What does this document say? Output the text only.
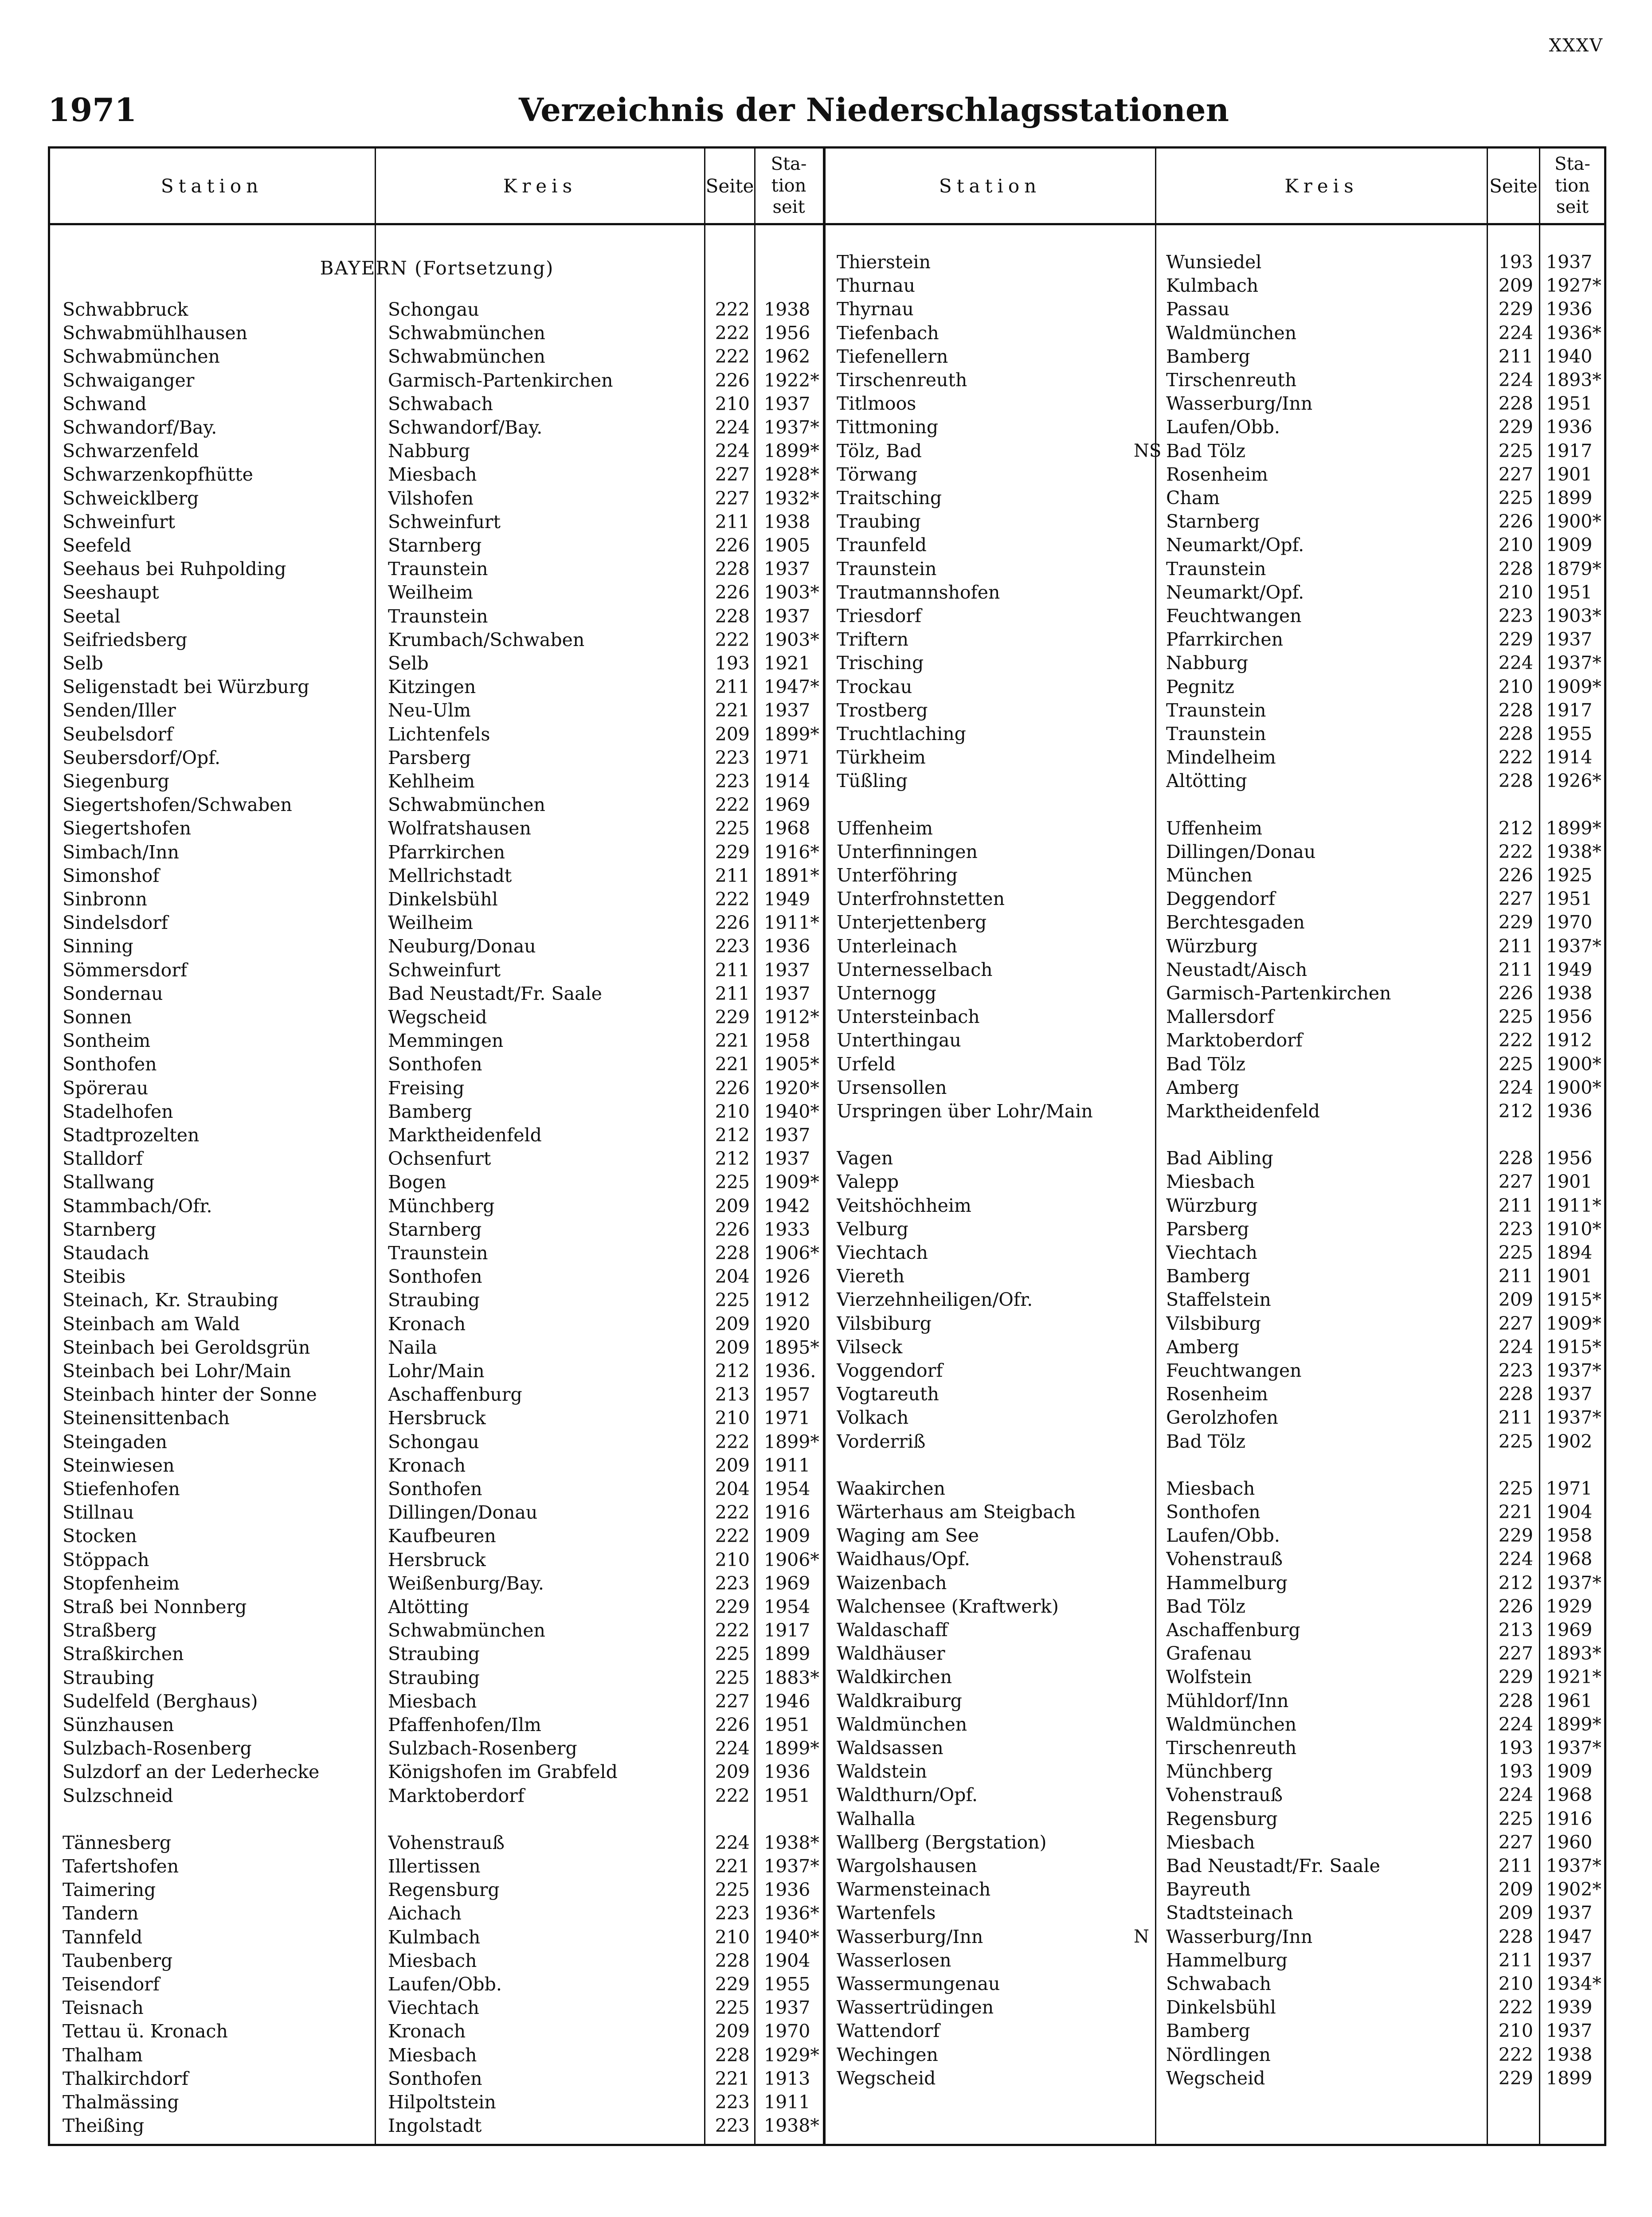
XXXV
1971	Verzeichnis der Niederschlagsstationen
Station	Kreis	Seite
Sta-
tion
seit
Station	Kreis	Seite
Sta-
tion
seit
BAYERN (Fortsetzung)
Schwabbruck	Schongau	222 1938
Schwabmühlhausen	Schwabmünchen	222 1956
Schwabmünchen	Schwabmünchen	222 1962
Schwaiganger	Garmisch-Partenkirchen	226 1922*
Schwand	Schwabach	210 1937
Schwandorf/Bay.	Schwandorf/Bay.	224 1937*
Schwarzenfeld	Nabburg	224 1899*
Schwarzenkopfhütte	Miesbach	227 1928*
Schweicklberg	Vilshofen	227 1932*
Schweinfurt	Schweinfurt	211 1938
Seefeld	Starnberg	226 1905
Seehaus bei Ruhpolding	Traunstein	228 1937
Seeshaupt	Weilheim	226 1903*
Seetal	Traunstein	228 1937
Seifriedsberg	Krumbach/Schwaben	222 1903*
Selb	Selb	193 1921
Seligenstadt bei Würzburg	Kitzingen	211 1947*
Senden/Iller	Neu-Ulm	221 1937
Seubelsdorf	Lichtenfels	209 1899*
Seubersdorf/Opf.	Parsberg	223 1971
Siegenburg	Kehlheim	223 1914
Siegertshofen/Schwaben	Schwabmünchen	222 1969
Siegertshofen	Wolfratshausen	225 1968
Simbach/Inn	Pfarrkirchen	229 1916*
Simonshof	Mellrichstadt	211 1891*
Sinbronn	Dinkelsbühl	222 1949
Sindelsdorf	Weilheim	226 1911*
Sinning	Neuburg/Donau	223 1936
Sömmersdorf	Schweinfurt	211 1937
Sondernau	Bad Neustadt/Fr. Saale	211 1937
Sonnen	Wegscheid	229 1912*
Sontheim	Memmingen	221 1958
Sonthofen	Sonthofen	221 1905*
Spörerau	Freising	226 1920*
Stadelhofen	Bamberg	210 1940*
Stadtprozelten	Marktheidenfeld	212 1937
Stalldorf	Ochsenfurt	212 1937
Stallwang	Bogen	225 1909*
Stammbach/Ofr.	Münchberg	209 1942
Starnberg	Starnberg	226 1933
Staudach	Traunstein	228 1906*
Steibis	Sonthofen	204 1926
Steinach, Kr. Straubing	Straubing	225 1912
Steinbach am Wald	Kronach	209 1920
Steinbach bei Geroldsgrün	Naila	209 1895*
Steinbach bei Lohr/Main	Lohr/Main	212 1936.
Steinbach hinter der Sonne	Aschaffenburg	213 1957
Steinensittenbach	Hersbruck	210 1971
Steingaden	Schongau	222 1899*
Steinwiesen	Kronach	209 1911
Stiefenhofen	Sonthofen	204 1954
Stillnau	Dillingen/Donau	222 1916
Stocken	Kaufbeuren	222 1909
Stöppach	Hersbruck	210 1906*
Stopfenheim	Weißenburg/Bay.	223 1969
Straß bei Nonnberg	Altötting	229 1954
Straßberg	Schwabmünchen	222 1917
Straßkirchen	Straubing	225 1899
Straubing	Straubing	225 1883*
Sudelfeld (Berghaus)	Miesbach	227 1946
Sünzhausen	Pfaffenhofen/Ilm	226 1951
Sulzbach-Rosenberg	Sulzbach-Rosenberg	224 1899*
Sulzdorf an der Lederhecke	Königshofen im Grabfeld	209 1936
Sulzschneid	Marktoberdorf	222 1951
Tännesberg	Vohenstrauß	224 1938*
Tafertshofen	Illertissen	221 1937*
Taimering	Regensburg	225 1936
Tandern	Aichach	223 1936*
Tannfeld	Kulmbach	210 1940*
Taubenberg	Miesbach	228 1904
Teisendorf	Laufen/Obb.	229 1955
Teisnach	Viechtach	225 1937
Tettau ü. Kronach	Kronach	209 1970
Thalham	Miesbach	228 1929*
Thalkirchdorf	Sonthofen	221 1913
Thalmässing	Hilpoltstein	223 1911
Theißing	Ingolstadt	223 1938*
Thierstein	Wunsiedel	193 1937
Thurnau	Kulmbach	209 1927*
Thyrnau	Passau	229 1936
Tiefenbach	Waldmünchen	224 1936*
Tiefenellern	Bamberg	211 1940
Tirschenreuth	Tirschenreuth	224 1893*
Titlmoos	Wasserburg/Inn	228 1951
Tittmoning	Laufen/Obb.	229 1936
Tölz, Bad	Bad Tölz	225 1917
NS
Törwang	Rosenheim	227 1901
Traitsching	Cham	225 1899
Traubing	Starnberg	226 1900*
Traunfeld	Neumarkt/Opf.	210 1909
Traunstein	Traunstein	228 1879*
Trautmannshofen	Neumarkt/Opf.	210 1951
Triesdorf	Feuchtwangen	223 1903*
Triftern	Pfarrkirchen	229 1937
Trisching	Nabburg	224 1937*
Trockau	Pegnitz	210 1909*
Trostberg	Traunstein	228 1917
Truchtlaching	Traunstein	228 1955
Türkheim	Mindelheim	222 1914
Tüßling	Altötting	228 1926*
Uffenheim	Uffenheim	212 1899*
Unterfinningen	Dillingen/Donau	222 1938*
Unterföhring	München	226 1925
Unterfrohnstetten	Deggendorf	227 1951
Unterjettenberg	Berchtesgaden	229 1970
Unterleinach	Würzburg	211 1937*
Unternesselbach	Neustadt/Aisch	211 1949
Unternogg	Garmisch-Partenkirchen	226 1938
Untersteinbach	Mallersdorf	225 1956
Unterthingau	Marktoberdorf	222 1912
Urfeld	Bad Tölz	225 1900*
Ursensollen	Amberg	224 1900*
Urspringen über Lohr/Main	Marktheidenfeld	212 1936
Vagen	Bad Aibling	228 1956
Valepp	Miesbach	227 1901
Veitshöchheim	Würzburg	211 1911*
Velburg	Parsberg	223 1910*
Viechtach	Viechtach	225 1894
Viereth	Bamberg	211 1901
Vierzehnheiligen/Ofr.	Staffelstein	209 1915*
Vilsbiburg	Vilsbiburg	227 1909*
Vilseck	Amberg	224 1915*
Voggendorf	Feuchtwangen	223 1937*
Vogtareuth	Rosenheim	228 1937
Volkach	Gerolzhofen	211 1937*
Vorderriß	Bad Tölz	225 1902
Waakirchen	Miesbach	225 1971
Wärterhaus am Steigbach	Sonthofen	221 1904
Waging am See	Laufen/Obb.	229 1958
Waidhaus/Opf.	Vohenstrauß	224 1968
Waizenbach	Hammelburg	212 1937*
Walchensee (Kraftwerk)	Bad Tölz	226 1929
Waldaschaff	Aschaffenburg	213 1969
Waldhäuser	Grafenau	227 1893*
Waldkirchen	Wolfstein	229 1921*
Waldkraiburg	Mühldorf/Inn	228 1961
Waldmünchen	Waldmünchen	224 1899*
Waldsassen	Tirschenreuth	193 1937*
Waldstein	Münchberg	193 1909
Waldthurn/Opf.	Vohenstrauß	224 1968
Walhalla	Regensburg	225 1916
Wallberg (Bergstation)	Miesbach	227 1960
Wargolshausen	Bad Neustadt/Fr. Saale	211 1937*
Warmensteinach	Bayreuth	209 1902*
Wartenfels	Stadtsteinach	209 1937
Wasserburg/Inn	Wasserburg/Inn	228 1947
N
Wasserlosen	Hammelburg	211 1937
Wassermungenau	Schwabach	210 1934*
Wassertrüdingen	Dinkelsbühl	222 1939
Wattendorf	Bamberg	210 1937
Wechingen	Nördlingen	222 1938
Wegscheid	Wegscheid	229 1899
